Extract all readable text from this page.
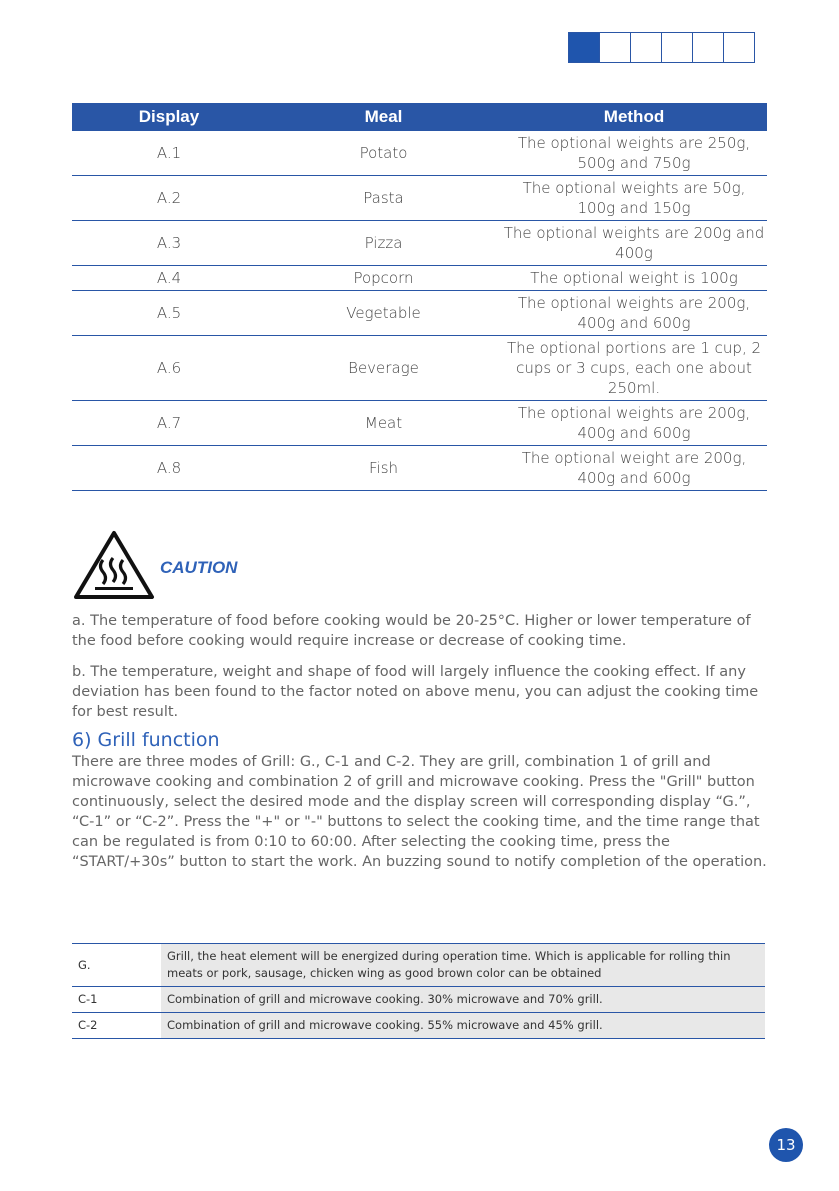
Display	Meal	Method
A.1	Potato	The optional weights are 250g, 500g and 750g
A.2	Pasta	The optional weights are 50g, 100g and 150g
A.3	Pizza	The optional weights are 200g and 400g
A.4	Popcorn	The optional weight is 100g
A.5	Vegetable	The optional weights are 200g, 400g and 600g
A.6	Beverage	The optional portions are 1 cup, 2 cups or 3 cups, each one about 250ml.
A.7	Meat	The optional weights are 200g, 400g and 600g
A.8	Fish	The optional weight are 200g, 400g and 600g
CAUTION
a. The temperature of food before cooking would be 20-25°C. Higher or lower temperature of the food before cooking would require increase or decrease of cooking time.
b. The temperature, weight and shape of food will largely influence the cooking effect. If any deviation has been found to the factor noted on above menu, you can adjust the cooking time for best result.
6) Grill function
There are three modes of Grill: G., C-1 and C-2. They are grill, combination 1 of grill and microwave cooking and combination 2 of grill and microwave cooking. Press the "Grill" button continuously, select the desired mode and the display screen will corresponding display “G.”, “C-1” or “C-2”. Press the "+" or "-" buttons to select the cooking time, and the time range that can be regulated is from 0:10 to 60:00. After selecting the cooking time, press the “START/+30s” button to start the work. An buzzing sound to notify completion of the operation.
G.	Grill, the heat element will be energized during operation time. Which is applicable for rolling thin meats or pork, sausage, chicken wing as good brown color can be obtained
C-1	Combination of grill and microwave cooking. 30% microwave and 70% grill.
C-2	Combination of grill and microwave cooking. 55% microwave and 45% grill.
13
